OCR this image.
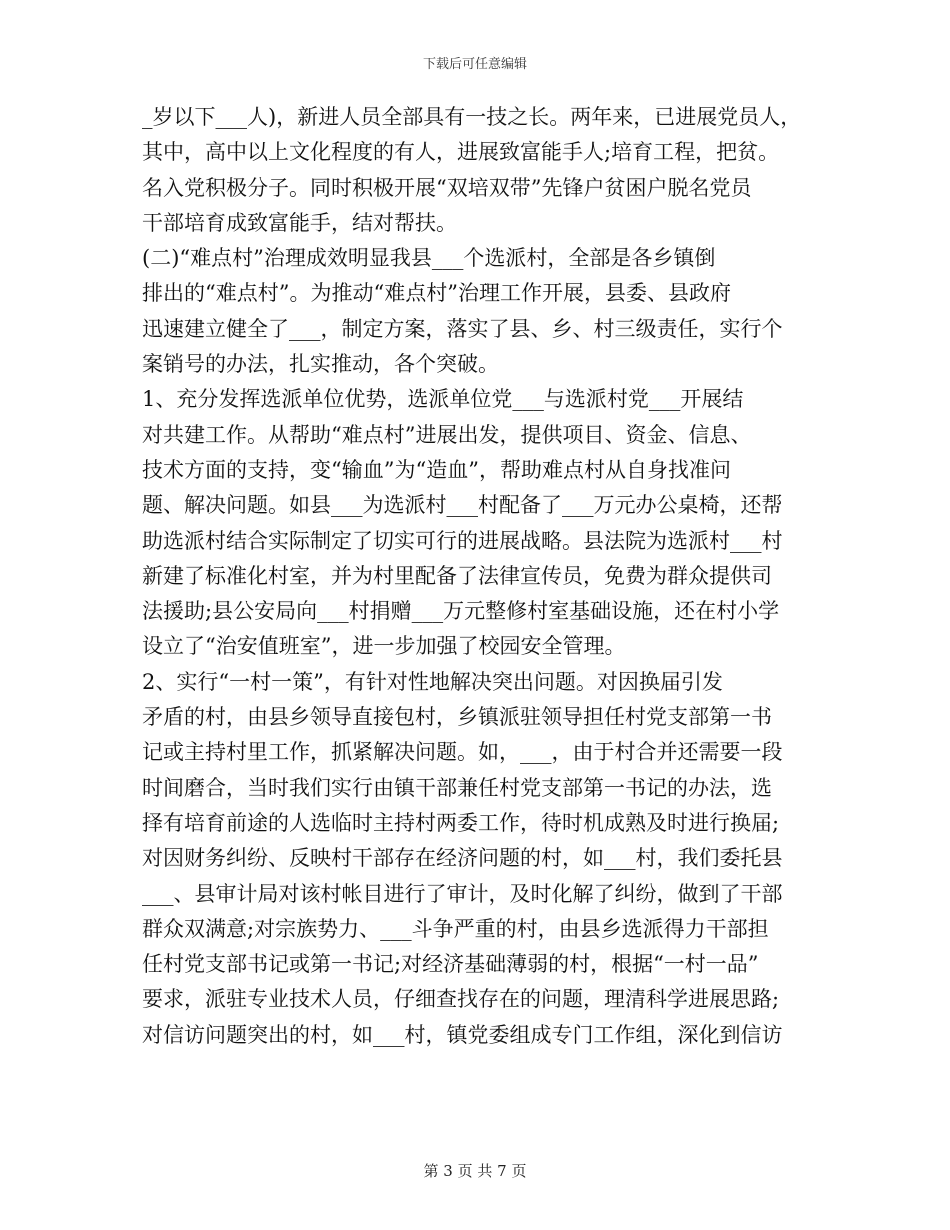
下载后可任意编辑
_岁以下___人)，新进人员全部具有一技之长。两年来，已进展党员人，
其中，高中以上文化程度的有人，进展致富能手人;培育工程，把贫。
名入党积极分子。同时积极开展“双培双带”先锋户贫困户脱名党员
干部培育成致富能手，结对帮扶。
(二)“难点村”治理成效明显我县___个选派村，全部是各乡镇倒
排出的“难点村”。为推动“难点村”治理工作开展，县委、县政府
迅速建立健全了___，制定方案，落实了县、乡、村三级责任，实行个
案销号的办法，扎实推动，各个突破。
1、充分发挥选派单位优势，选派单位党___与选派村党___开展结
对共建工作。从帮助“难点村”进展出发，提供项目、资金、信息、
技术方面的支持，变“输血”为“造血”，帮助难点村从自身找准问
题、解决问题。如县___为选派村___村配备了___万元办公桌椅，还帮
助选派村结合实际制定了切实可行的进展战略。县法院为选派村___村
新建了标准化村室，并为村里配备了法律宣传员，免费为群众提供司
法援助;县公安局向___村捐赠___万元整修村室基础设施，还在村小学
设立了“治安值班室”，进一步加强了校园安全管理。
2、实行“一村一策”，有针对性地解决突出问题。对因换届引发
矛盾的村，由县乡领导直接包村，乡镇派驻领导担任村党支部第一书
记或主持村里工作，抓紧解决问题。如，___，由于村合并还需要一段
时间磨合，当时我们实行由镇干部兼任村党支部第一书记的办法，选
择有培育前途的人选临时主持村两委工作，待时机成熟及时进行换届;
对因财务纠纷、反映村干部存在经济问题的村，如___村，我们委托县
___、县审计局对该村帐目进行了审计，及时化解了纠纷，做到了干部
群众双满意;对宗族势力、___斗争严重的村，由县乡选派得力干部担
任村党支部书记或第一书记;对经济基础薄弱的村，根据“一村一品”
要求，派驻专业技术人员，仔细查找存在的问题，理清科学进展思路;
对信访问题突出的村，如___村，镇党委组成专门工作组，深化到信访
第 3 页 共 7 页
